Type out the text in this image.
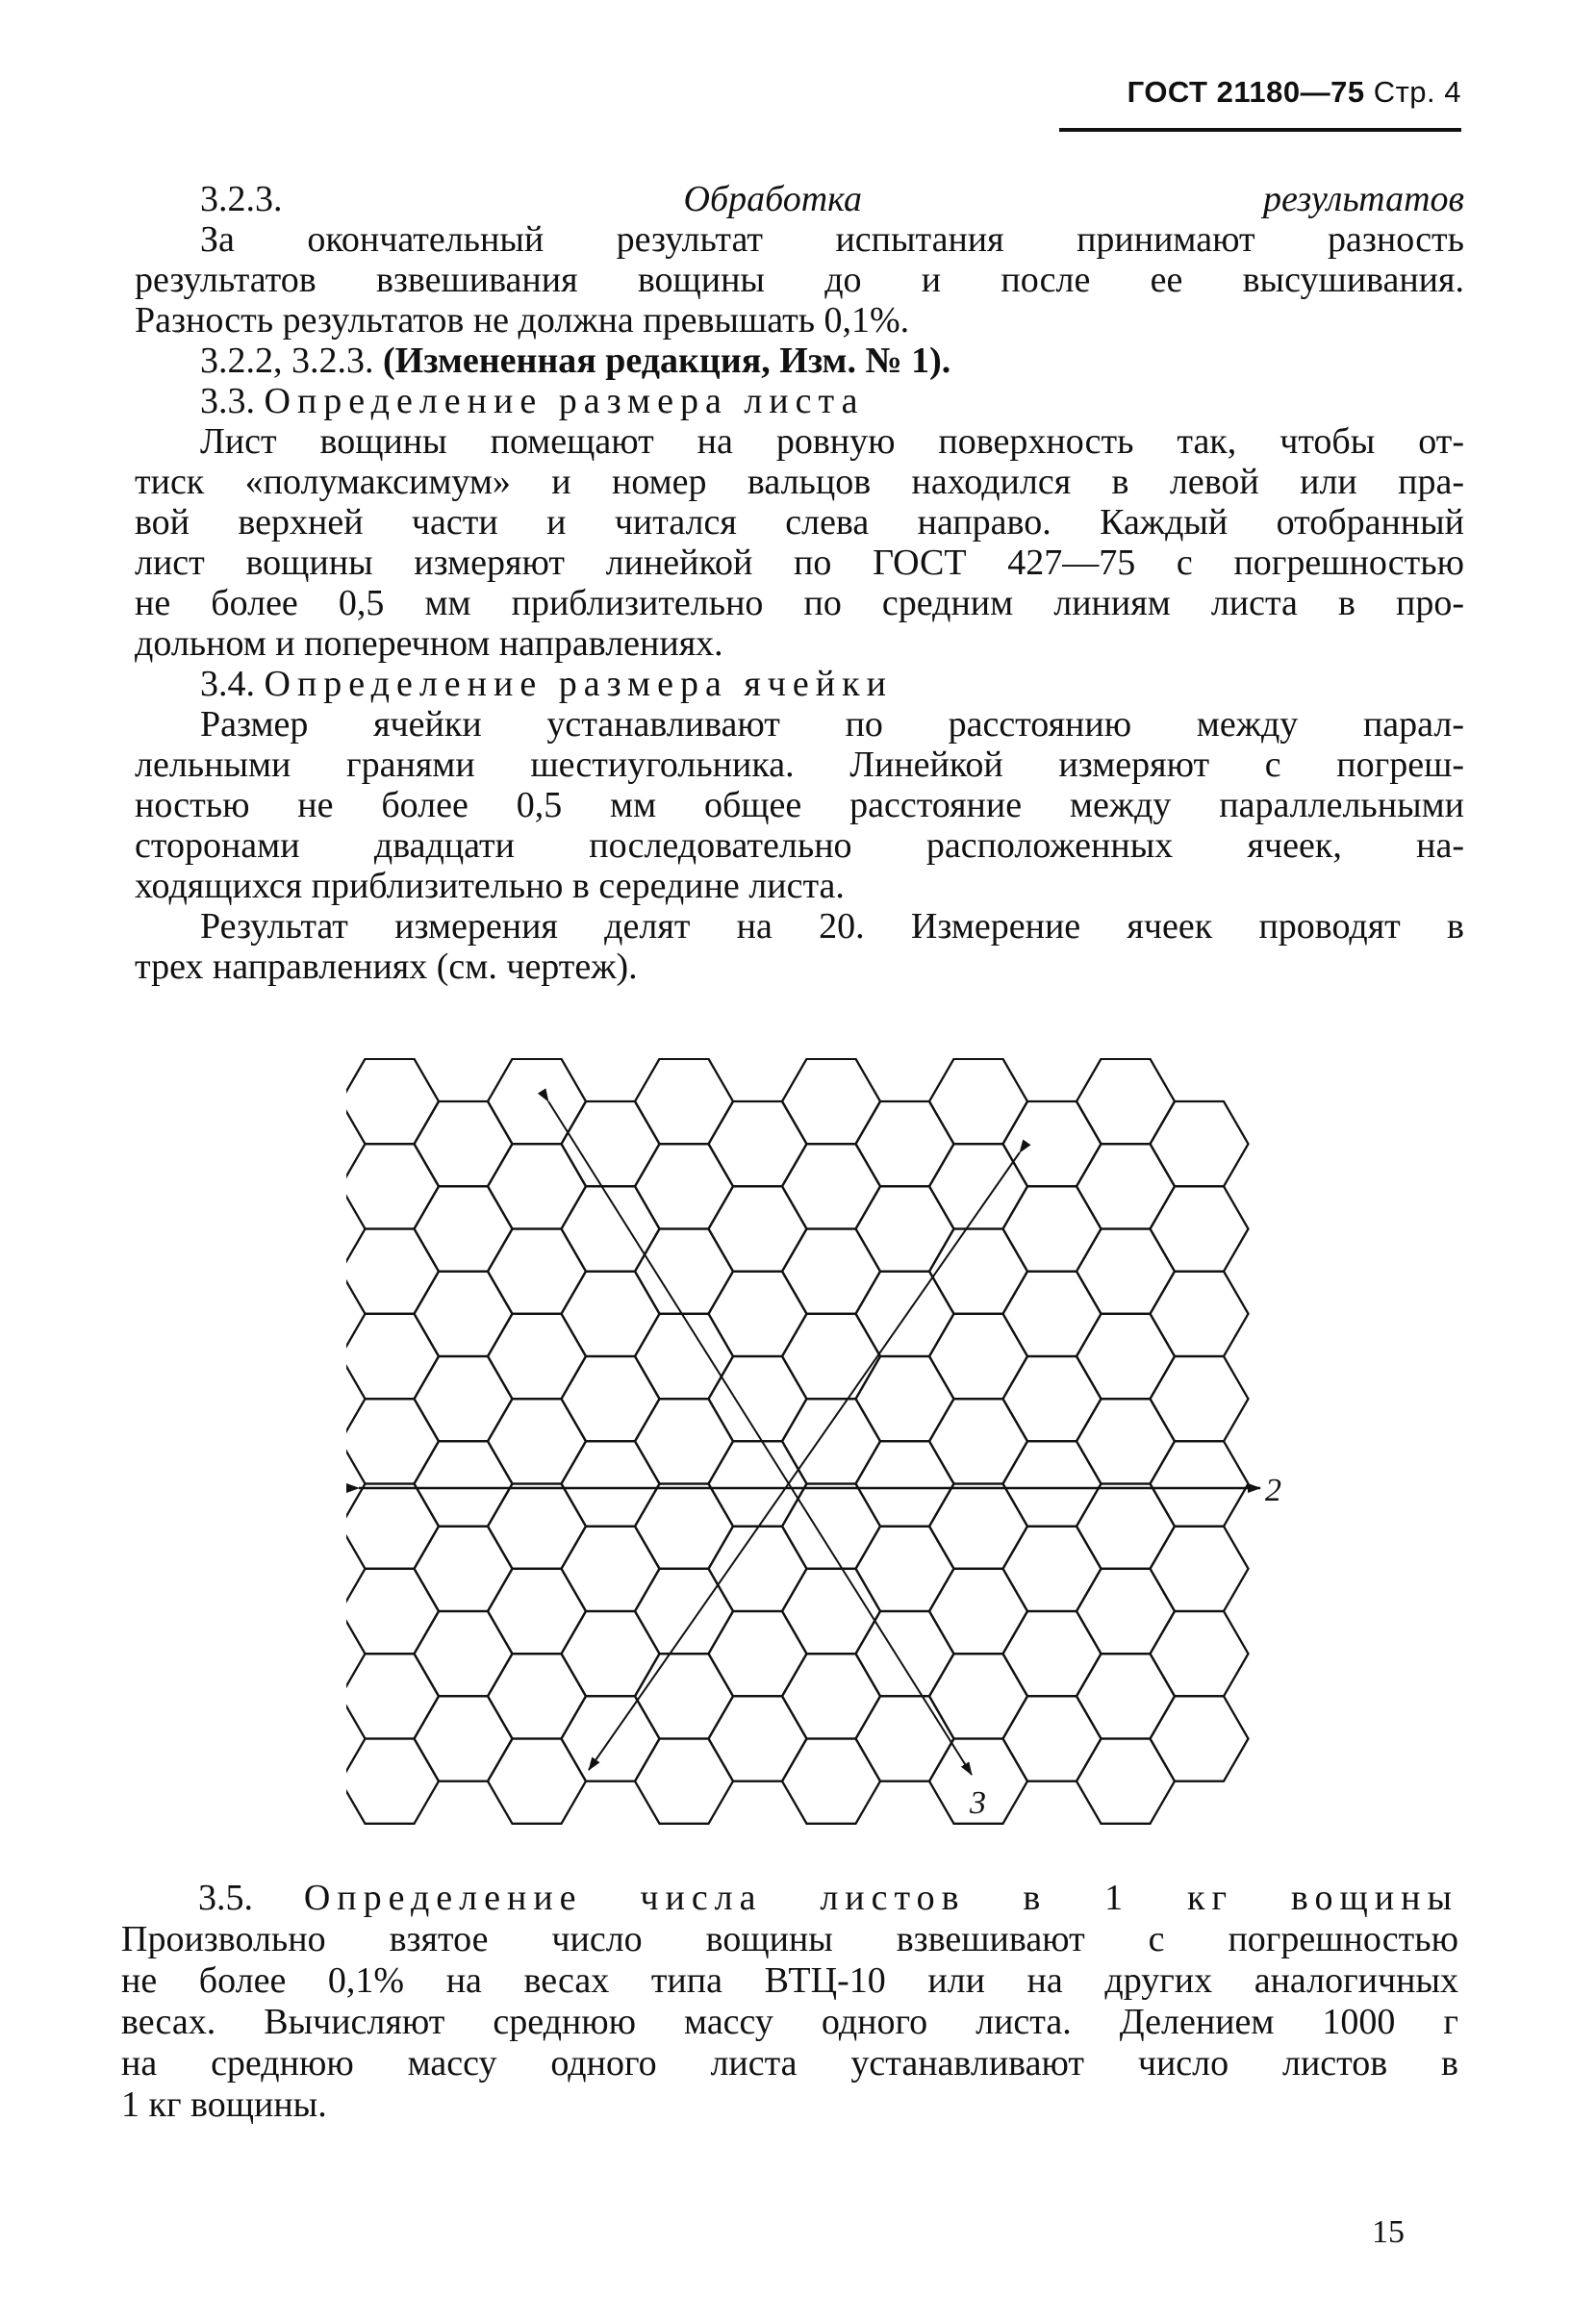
ГОСТ 21180—75 Стр. 4

3.2.3.	Обработка результатов

За окончательный результат испытания принимают разность

результатов взвешивания вощины до и после ее высушивания.

Разность результатов не должна превышать 0,1%.

3.2.2, 3.2.3. (Измененная редакция, Изм. № 1).

3.3. Определение размера листа

Лист вощины помещают на ровную поверхность так, чтобы от-

тиск «полумаксимум» и номер вальцов находился в левой или пра-

вой верхней части и читался слева направо. Каждый отобранный

лист вощины измеряют линейкой по ГОСТ 427—75 с погрешностью

не более 0,5 мм приблизительно по средним линиям листа в про-

дольном и поперечном направлениях.

3.4. Определение размера ячейки

Размер ячейки устанавливают по расстоянию между парал-

лельными гранями шестиугольника. Линейкой измеряют с погреш-

ностью не более 0,5 мм общее расстояние между параллельными

сторонами двадцати последовательно расположенных ячеек, на-

ходящихся приблизительно в середине листа.

Результат измерения делят на 20. Измерение ячеек проводят в

трех направлениях (см. чертеж).

2
3

3.5. Определение числа листов в 1 кг вощины

Произвольно взятое число вощины взвешивают с погрешностью

не более 0,1% на весах типа ВТЦ-10 или на других аналогичных

весах. Вычисляют среднюю массу одного листа. Делением 1000 г

на среднюю массу одного листа устанавливают число листов в

1 кг вощины.

15
